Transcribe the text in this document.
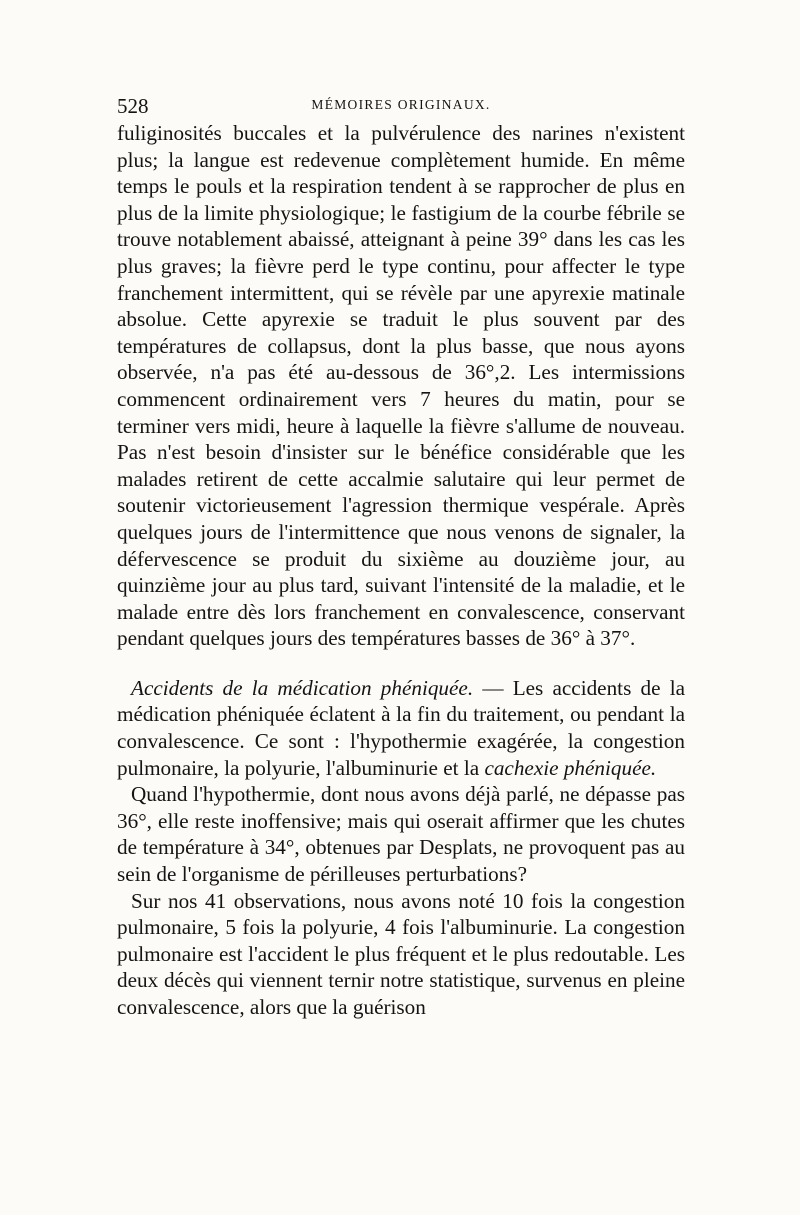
528	MÉMOIRES ORIGINAUX.

fuliginosités buccales et la pulvérulence des narines n'existent plus; la langue est redevenue complètement humide. En même temps le pouls et la respiration tendent à se rapprocher de plus en plus de la limite physiologique; le fastigium de la courbe fébrile se trouve notablement abaissé, atteignant à peine 39° dans les cas les plus graves; la fièvre perd le type continu, pour affecter le type franchement intermittent, qui se révèle par une apyrexie matinale absolue. Cette apyrexie se traduit le plus souvent par des températures de collapsus, dont la plus basse, que nous ayons observée, n'a pas été au-dessous de 36°,2. Les intermissions commencent ordinairement vers 7 heures du matin, pour se terminer vers midi, heure à laquelle la fièvre s'allume de nouveau. Pas n'est besoin d'insister sur le bénéfice considérable que les malades retirent de cette accalmie salutaire qui leur permet de soutenir victorieusement l'agression thermique vespérale. Après quelques jours de l'intermittence que nous venons de signaler, la défervescence se produit du sixième au douzième jour, au quinzième jour au plus tard, suivant l'intensité de la maladie, et le malade entre dès lors franchement en convalescence, conservant pendant quelques jours des températures basses de 36° à 37°.

Accidents de la médication phéniquée. — Les accidents de la médication phéniquée éclatent à la fin du traitement, ou pendant la convalescence. Ce sont : l'hypothermie exagérée, la congestion pulmonaire, la polyurie, l'albuminurie et la cachexie phéniquée.

Quand l'hypothermie, dont nous avons déjà parlé, ne dépasse pas 36°, elle reste inoffensive; mais qui oserait affirmer que les chutes de température à 34°, obtenues par Desplats, ne provoquent pas au sein de l'organisme de périlleuses perturbations?

Sur nos 41 observations, nous avons noté 10 fois la congestion pulmonaire, 5 fois la polyurie, 4 fois l'albuminurie. La congestion pulmonaire est l'accident le plus fréquent et le plus redoutable. Les deux décès qui viennent ternir notre statistique, survenus en pleine convalescence, alors que la guérison
